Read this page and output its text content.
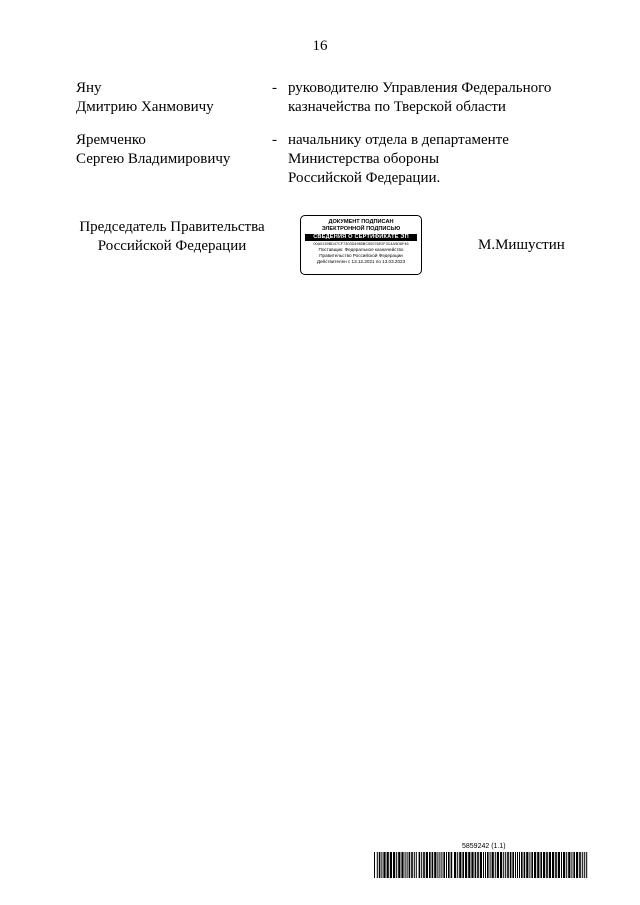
16
Яну
Дмитрию Ханмовичу
- руководителю Управления Федерального
казначейства по Тверской области
Яремченко
Сергею Владимировичу
- начальнику отдела в департаменте
Министерства обороны
Российской Федерации.
Председатель Правительства
Российской Федерации
ДОКУМЕНТ ПОДПИСАН
ЭЛЕКТРОННОЙ ПОДПИСЬЮ
СВЕДЕНИЯ О СЕРТИФИКАТЕ ЭП
00A0139BD47CF7303D4965BC50076E2F3C4A9D6F46
Поставщик: Федеральное казначейство
Правительство Российской Федерации
Действителен с 13.12.2021 по 13.03.2023
М.Мишустин
5859242 (1.1)
